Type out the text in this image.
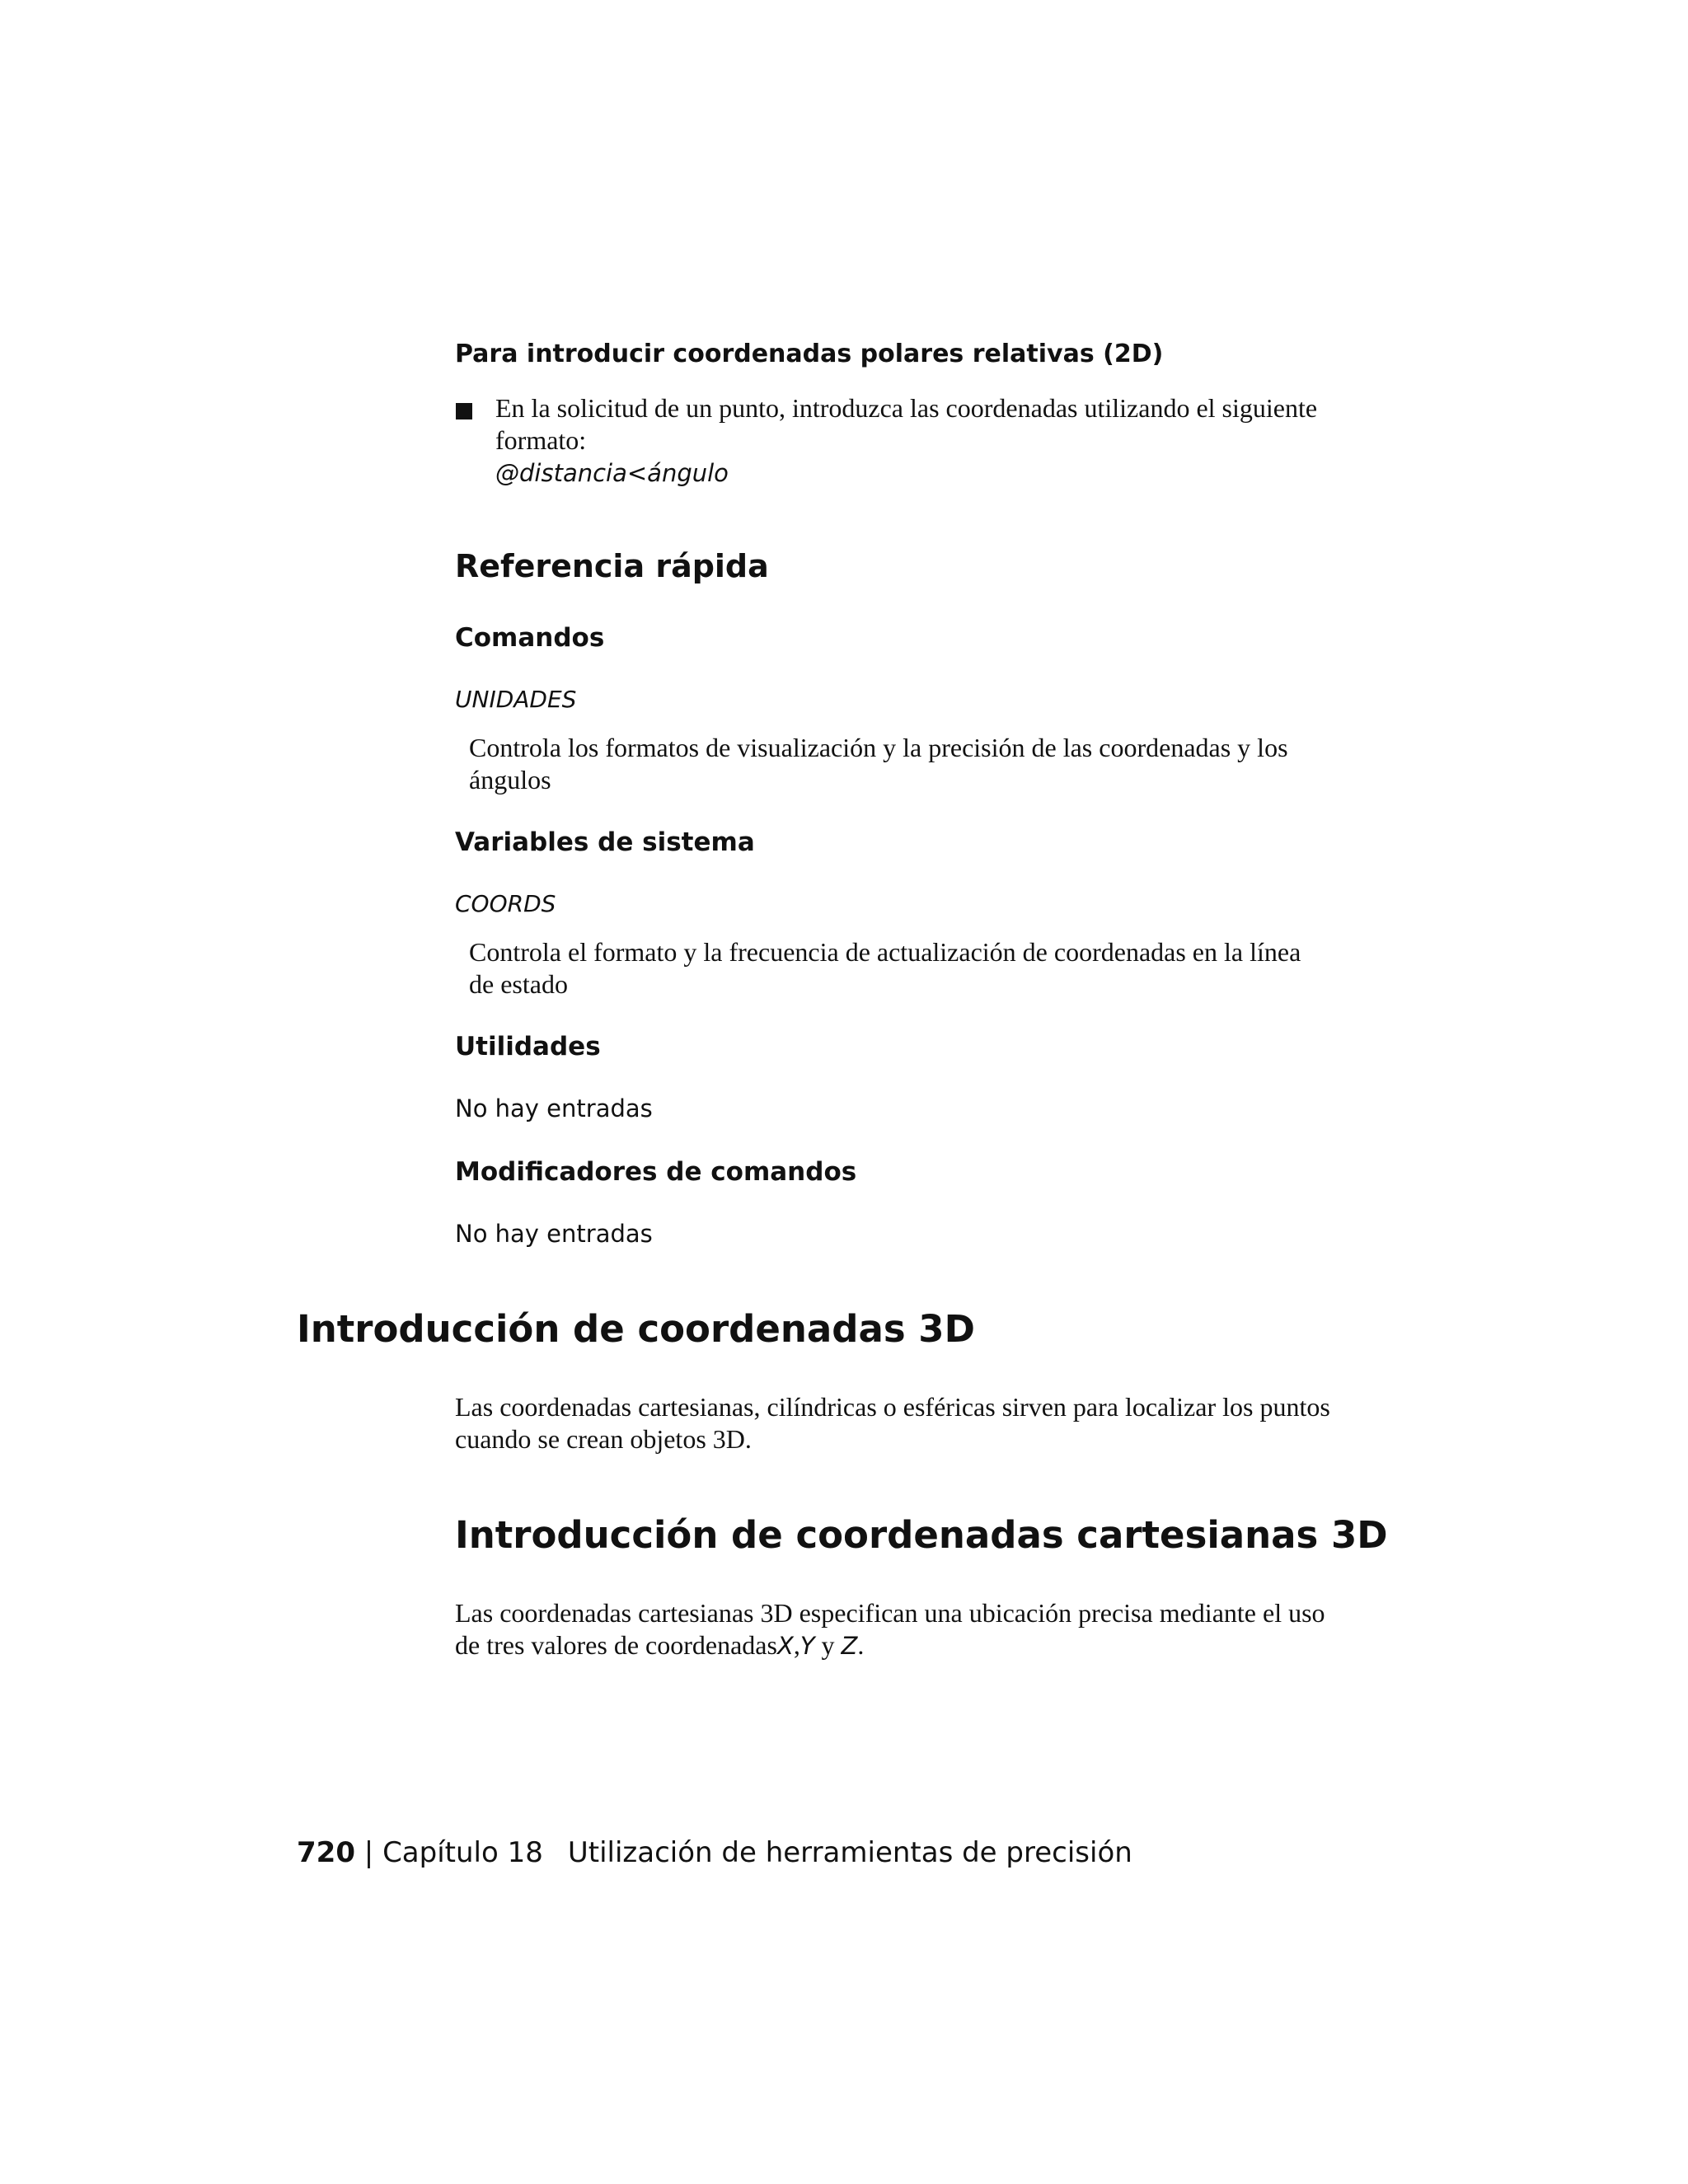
Para introducir coordenadas polares relativas (2D)
En la solicitud de un punto, introduzca las coordenadas utilizando el siguiente formato:
@distancia<ángulo
Referencia rápida
Comandos
UNIDADES
Controla los formatos de visualización y la precisión de las coordenadas y los ángulos
Variables de sistema
COORDS
Controla el formato y la frecuencia de actualización de coordenadas en la línea de estado
Utilidades
No hay entradas
Modificadores de comandos
No hay entradas
Introducción de coordenadas 3D
Las coordenadas cartesianas, cilíndricas o esféricas sirven para localizar los puntos cuando se crean objetos 3D.
Introducción de coordenadas cartesianas 3D
Las coordenadas cartesianas 3D especifican una ubicación precisa mediante el uso de tres valores de coordenadasX,Y y Z.
720 | Capítulo 18 Utilización de herramientas de precisión
